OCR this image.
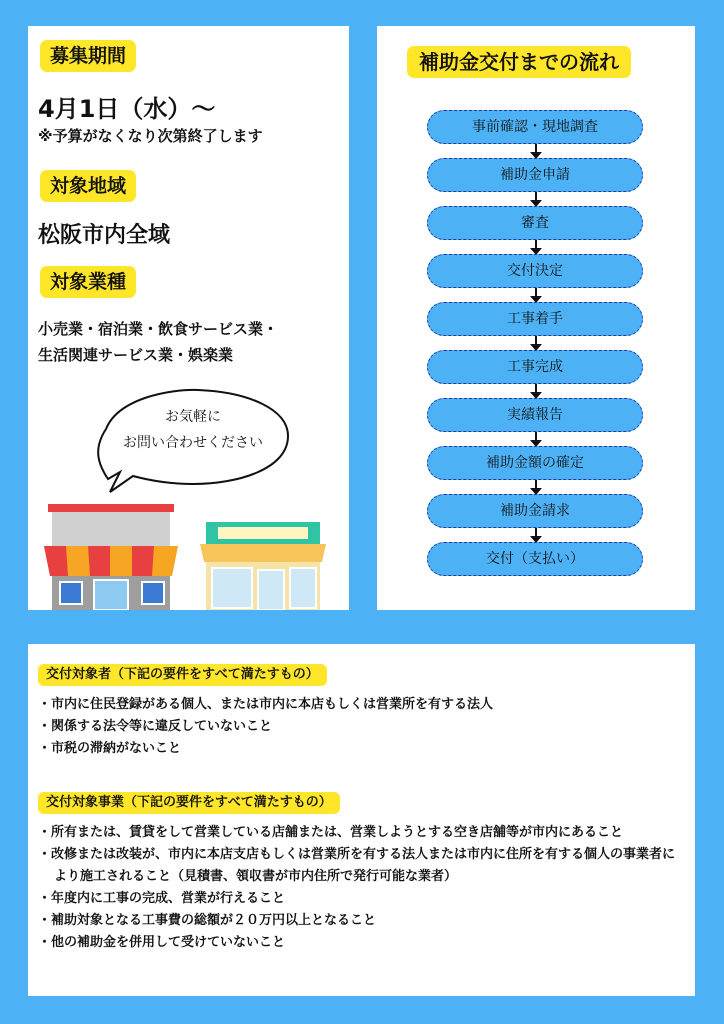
募集期間
4月1日（水）～
※予算がなくなり次第終了します
対象地域
松阪市内全域
対象業種
小売業・宿泊業・飲食サービス業・
生活関連サービス業・娯楽業
お気軽に
お問い合わせください
補助金交付までの流れ
事前確認・現地調査
補助金申請
審査
交付決定
工事着手
工事完成
実績報告
補助金額の確定
補助金請求
交付（支払い）
交付対象者（下記の要件をすべて満たすもの）
・ 市内に住民登録がある個人、または市内に本店もしくは営業所を有する法人
・ 関係する法令等に違反していないこと
・ 市税の滞納がないこと
交付対象事業（下記の要件をすべて満たすもの）
・ 所有または、賃貸をして営業している店舗または、営業しようとする空き店舗等が市内にあること
・ 改修または改装が、市内に本店支店もしくは営業所を有する法人または市内に住所を有する個人の事業者により施工されること（見積書、領収書が市内住所で発行可能な業者）
・ 年度内に工事の完成、営業が行えること
・ 補助対象となる工事費の総額が２０万円以上となること
・ 他の補助金を併用して受けていないこと
